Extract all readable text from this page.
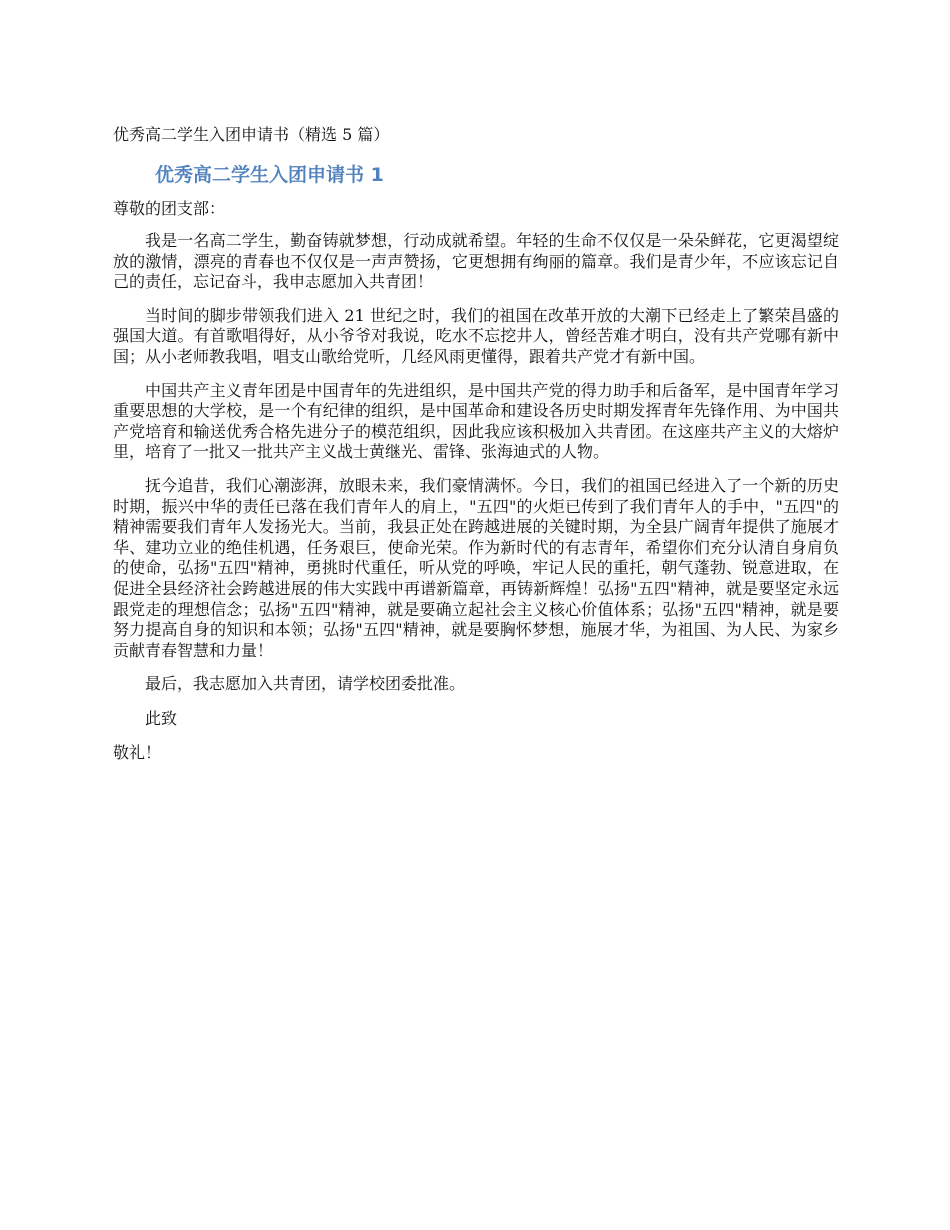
优秀高二学生入团申请书（精选 5 篇）
优秀高二学生入团申请书 1
尊敬的团支部：

我是一名高二学生，勤奋铸就梦想，行动成就希望。年轻的生命不仅仅是一朵朵鲜花，它更渴望绽放的激情，漂亮的青春也不仅仅是一声声赞扬，它更想拥有绚丽的篇章。我们是青少年，不应该忘记自己的责任，忘记奋斗，我申志愿加入共青团！

当时间的脚步带领我们进入 21 世纪之时，我们的祖国在改革开放的大潮下已经走上了繁荣昌盛的强国大道。有首歌唱得好，从小爷爷对我说，吃水不忘挖井人，曾经苦难才明白，没有共产党哪有新中国；从小老师教我唱，唱支山歌给党听，几经风雨更懂得，跟着共产党才有新中国。

中国共产主义青年团是中国青年的先进组织，是中国共产党的得力助手和后备军，是中国青年学习重要思想的大学校，是一个有纪律的组织，是中国革命和建设各历史时期发挥青年先锋作用、为中国共产党培育和输送优秀合格先进分子的模范组织，因此我应该积极加入共青团。在这座共产主义的大熔炉里，培育了一批又一批共产主义战士黄继光、雷锋、张海迪式的人物。

抚今追昔，我们心潮澎湃，放眼未来，我们豪情满怀。今日，我们的祖国已经进入了一个新的历史时期，振兴中华的责任已落在我们青年人的肩上，"五四"的火炬已传到了我们青年人的手中，"五四"的精神需要我们青年人发扬光大。当前，我县正处在跨越进展的关键时期，为全县广阔青年提供了施展才华、建功立业的绝佳机遇，任务艰巨，使命光荣。作为新时代的有志青年，希望你们充分认清自身肩负的使命，弘扬"五四"精神，勇挑时代重任，听从党的呼唤，牢记人民的重托，朝气蓬勃、锐意进取，在促进全县经济社会跨越进展的伟大实践中再谱新篇章，再铸新辉煌！弘扬"五四"精神，就是要坚定永远跟党走的理想信念；弘扬"五四"精神，就是要确立起社会主义核心价值体系；弘扬"五四"精神，就是要努力提高自身的知识和本领；弘扬"五四"精神，就是要胸怀梦想，施展才华，为祖国、为人民、为家乡贡献青春智慧和力量！

最后，我志愿加入共青团，请学校团委批准。

此致
敬礼！
